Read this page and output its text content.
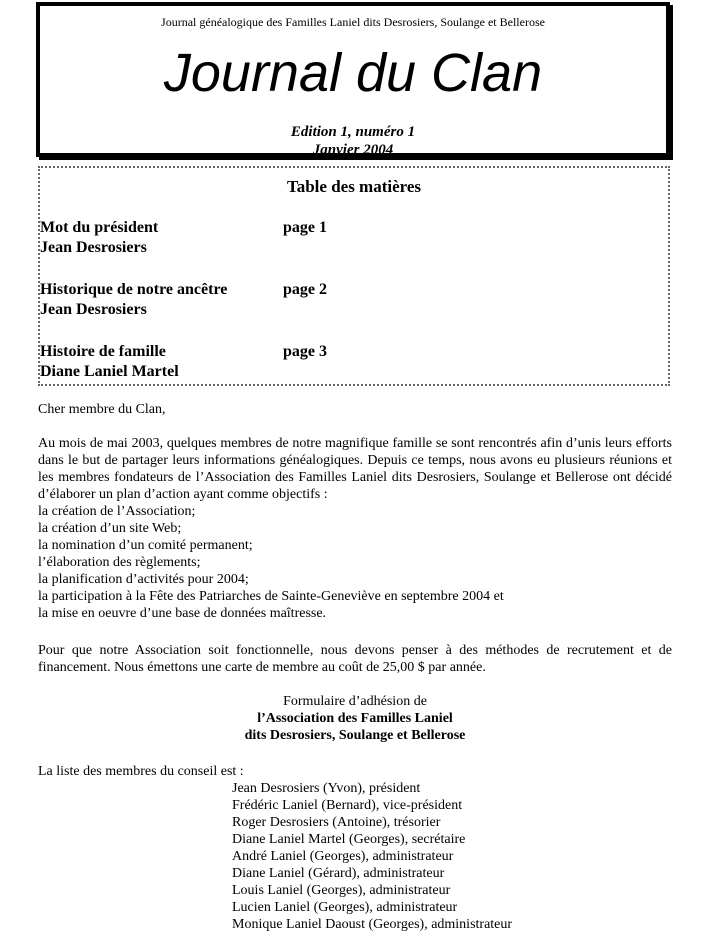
Journal généalogique des Familles Laniel dits Desrosiers, Soulange et Bellerose
Journal du Clan
Edition 1, numéro 1
Janvier 2004
Table des matières
Mot du président
Jean Desrosiers
page 1
Historique de notre ancêtre
Jean Desrosiers
page 2
Histoire de famille
Diane Laniel Martel
page 3
Cher membre du Clan,
Au mois de mai 2003, quelques membres de notre magnifique famille se sont rencontrés afin d’unis leurs efforts dans le but de partager leurs informations généalogiques. Depuis ce temps, nous avons eu plusieurs réunions et les membres fondateurs de l’Association des Familles Laniel dits Desrosiers, Soulange et Bellerose ont décidé d’élaborer un plan d’action ayant comme objectifs :
la création de l’Association;
la création d’un site Web;
la nomination d’un comité permanent;
l’élaboration des règlements;
la planification d’activités pour 2004;
la participation à la Fête des Patriarches de Sainte-Geneviève en septembre 2004 et
la mise en oeuvre d’une base de données maîtresse.
Pour que notre Association soit fonctionnelle, nous devons penser à des méthodes de recrutement et de financement. Nous émettons une carte de membre au coût de 25,00 $ par année.
Formulaire d’adhésion de
l’Association des Familles Laniel
dits Desrosiers, Soulange et Bellerose
La liste des membres du conseil est :
Jean Desrosiers (Yvon), président
Frédéric Laniel (Bernard), vice-président
Roger Desrosiers (Antoine), trésorier
Diane Laniel Martel (Georges), secrétaire
André Laniel (Georges), administrateur
Diane Laniel (Gérard), administrateur
Louis Laniel (Georges), administrateur
Lucien Laniel (Georges), administrateur
Monique Laniel Daoust (Georges), administrateur
